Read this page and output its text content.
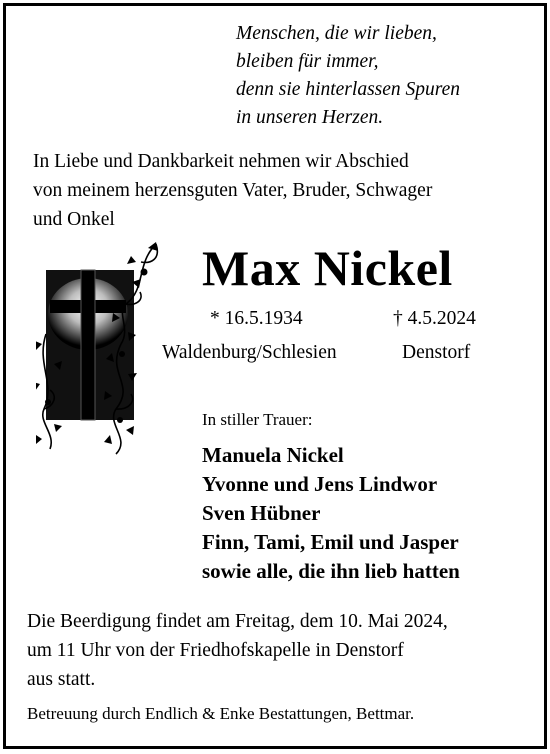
Menschen, die wir lieben,
bleiben für immer,
denn sie hinterlassen Spuren
in unseren Herzen.
In Liebe und Dankbarkeit nehmen wir Abschied
von meinem herzensguten Vater, Bruder, Schwager
und Onkel
Max Nickel
* 16.5.1934	† 4.5.2024
Waldenburg/Schlesien	Denstorf
In stiller Trauer:
Manuela Nickel
Yvonne und Jens Lindwor
Sven Hübner
Finn, Tami, Emil und Jasper
sowie alle, die ihn lieb hatten
Die Beerdigung findet am Freitag, dem 10. Mai 2024,
um 11 Uhr von der Friedhofskapelle in Denstorf
aus statt.
Betreuung durch Endlich & Enke Bestattungen, Bettmar.
